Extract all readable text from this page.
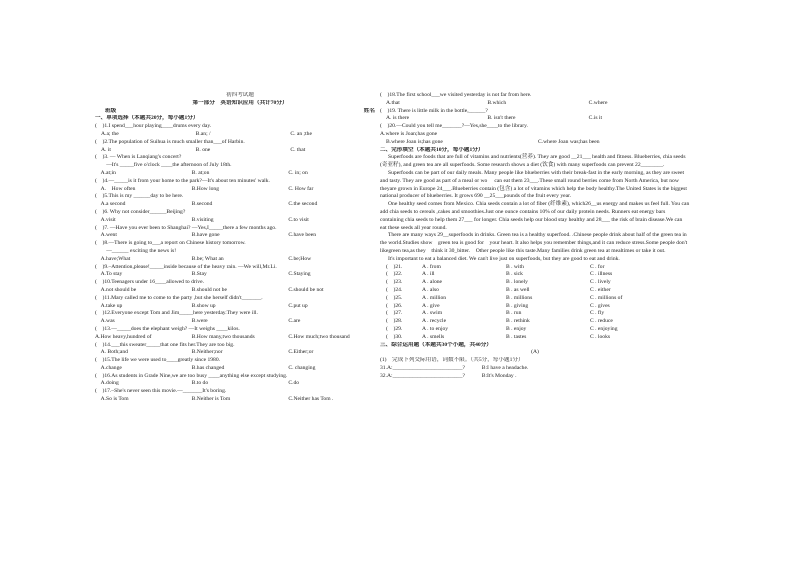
初四考试题
第一部分　英语知识应用（共计70分）
班级	姓名
一、单项选择（本题共20分，每小题1分）
(　)1.I spend___hour playing____drums every day.
A.a; the	B.an; /	C. an ;the
(　)2.The population of Suihua is much smaller than___of Harbin.
A. it	B. one	C. that
(　)3. — When is Lanqiang's concert?
　　—It's _____five o'clock ____the afternoon of July 18th.
　A.at;in	B. at;on	C. in; on
(　)4.—_____is it from your home to the park?—It's about ten minutes' walk.
　A.　How often	B.How long	C. How far
(　)5.This is my ______day to be here.
　A.a second	B.second	C.the second
(　)6. Why not consider______Beijing?
　A.visit	B.visiting	C.to visit
(　)7. —Have you ever been to Shanghai? —Yes,I_____there a few months ago.
　A.went	B.have gone	C.have been
(　)8.—There is going to___a report on Chinese history tomorrow.
　　—______ exciting the news is!
　A.have;What	B.be; What an	C.be;How
(　)9.–Attention,please!_____inside because of the heavy rain. —We will,Mr.Li.
　A.To stay	B.Stay	C.Staying
(　)10.Teenagers under 16____allowed to drive.
　A.not should be	B.should not be	C.should be not
(　)11.Mary called me to come to the party ,but she herself didn't_______.
　A.take up	B.show up	C.put up
(　)12.Everyone except Tom and Jim_____here yesterday.They were ill.
　A.was	B.were	C.are
(　)13.—_____does the elephant weigh? —It weighs ____kilos.
A.How heavy,hundred of	B.How many,two thousands	C.How much;two thousand
(　)14.___this sweater_____that one fits her.They are too big.
　A. Both;and	B.Neither;nor	C.Either;or
(　)15.The life we were used to____greatly since 1980.
　A.change	B.has changed	C. changing
(　)16.As students in Grade Nine,we are too busy ____anything else except studying.
　A.doing	B.to do	C.do
(　)17.–She's never seen this movie.—_______It's boring.
　A.So is Tom	B.Neither is Tom	C.Neither has Tom .
(　)18.The first school___we visited yesterday is not far from here.
A.that	B.which	C.where
(　)19. There is little milk in the bottle,______?
A. is there	B. isn't there	C.is it
(　)20.—Could you tell me_______?—Yes,she____to the library.
A.where is Joan;has gone
B.where Joan is;has gone	C.where Joan was;has been
二、完形填空（本题共10分，每小题1分）
Superfoods are foods that are full of vitamins and nutrients(营养). They are good __21___ health and fitness. Blueberries, chia seeds (奇亚籽), and green tea are all superfoods. Some research shows a diet (饮食) with many superfoods can prevent 22________.
Superfoods can be part of our daily meals. Many people like blueberries with their break-fast in the early morning, as they are sweet and tasty. They are good as part of a meal or wo　 can eat them 23___.These small round berries come from North America, but now theyare grown in Europe 24___.Blueberries contain (包含) a lot of vitamins which help the body healthy.The United States is the biggest national producer of blueberries. It grows 690 __25___pounds of the fruit every year.
One healthy seed comes from Mexico. Chia seeds contain a lot of fiber (纤维素), which26__us energy and makes us feel full. You can add chia seeds to cereals ,cakes and smoothies.Just one ounce contains 10% of our daily protein needs. Runners eat energy bars containing chia seeds to help them 27___ for longer. Chia seeds help our blood stay healthy and 28___ the risk of brain disease.We can eat these seeds all year round.
There are many ways 29__superfoods in drinks. Green tea is a healthy superfood. .Chinese people drink about half of the green tea in the world.Studies show　green tea is good for　your heart. It also helps you remember things,and it can reduce stress.Some people don't likegreen tea,as they　think it 30_bitter.　Other people like this taste.Many families drink green tea at mealtimes or take it out.
It's important to eat a balanced diet. We can't live just on superfoods, but they are good to eat and drink.
(　)21.	A . from	B . with	C . for
(　)22.	A . ill	B . sick	C . illness
(　)23.	A . alone	B . lonely	C . lively
(　)24.	A . also	B . as well	C . either
(　)25.	A . million	B . millions	C . millions of
(　)26.	A . give	B . giving	C . gives
(　)27.	A . swim	B . run	C . fly
(　)28.	A . recycle	B . rethink	C . reduce
(　)29.	A . to enjoy	B . enjoy	C . enjoying
(　)30.	A . smells	B . tastes	C . looks
三、综合运用题（本题共30个小题，共40分）
(A)
(1)　完成下列交际用语，词数不限。（共5分，每小题1分）
31.A:_________________________?　　　B:I have a headache.
32.A:_________________________?　　　B:It's Monday .
